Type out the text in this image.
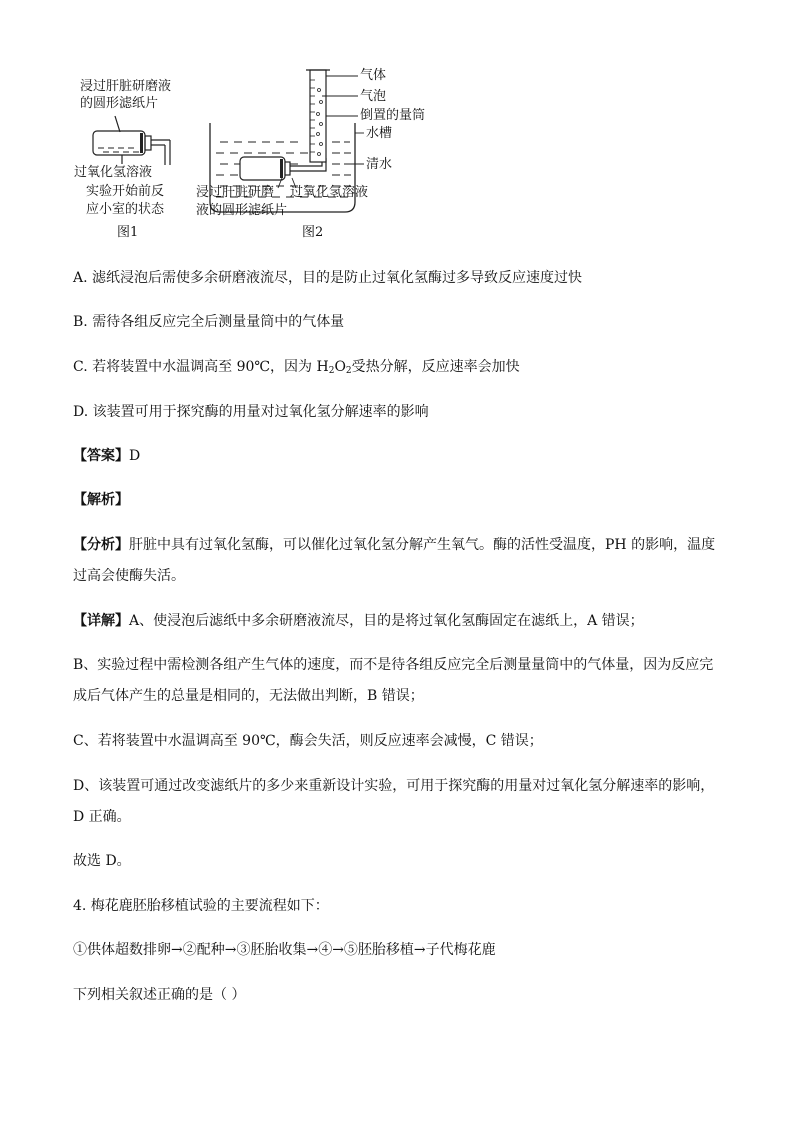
浸过肝脏研磨液
的圆形滤纸片
过氧化氢溶液
实验开始前反
应小室的状态
图1
气体
气泡
倒置的量筒
水槽
清水
过氧化氢溶液
浸过肝脏研磨
液的圆形滤纸片
图2
A. 滤纸浸泡后需使多余研磨液流尽，目的是防止过氧化氢酶过多导致反应速度过快
B. 需待各组反应完全后测量量筒中的气体量
C. 若将装置中水温调高至 90℃，因为 $H_2O_2$受热分解，反应速率会加快
D. 该装置可用于探究酶的用量对过氧化氢分解速率的影响
【答案】D
【解析】
【分析】肝脏中具有过氧化氢酶，可以催化过氧化氢分解产生氧气。酶的活性受温度，PH 的影响，温度
过高会使酶失活。
【详解】A、使浸泡后滤纸中多余研磨液流尽，目的是将过氧化氢酶固定在滤纸上，A 错误；
B、实验过程中需检测各组产生气体的速度，而不是待各组反应完全后测量量筒中的气体量，因为反应完
成后气体产生的总量是相同的，无法做出判断，B 错误；
C、若将装置中水温调高至 90℃，酶会失活，则反应速率会减慢，C 错误；
D、该装置可通过改变滤纸片的多少来重新设计实验，可用于探究酶的用量对过氧化氢分解速率的影响，
D 正确。
故选 D。
4. 梅花鹿胚胎移植试验的主要流程如下：
①供体超数排卵→②配种→③胚胎收集→④→⑤胚胎移植→子代梅花鹿
下列相关叙述正确的是（ ）
